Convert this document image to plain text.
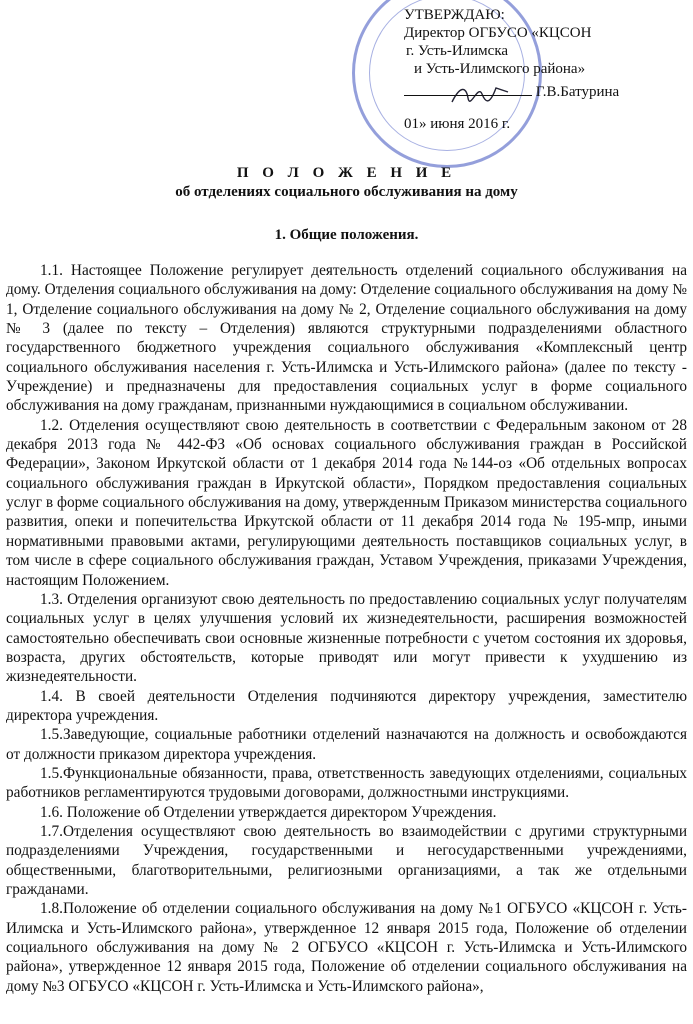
УТВЕРЖДАЮ:
Директор ОГБУСО «КЦСОН
г. Усть-Илимска
и Усть-Илимского района»
Г.В.Батурина
01» июня 2016 г.
П О Л О Ж Е Н И Е
об отделениях социального обслуживания на дому
1. Общие положения.

1.1. Настоящее Положение регулирует деятельность отделений социального обслуживания на дому. Отделения социального обслуживания на дому: Отделение социального обслуживания на дому № 1, Отделение социального обслуживания на дому № 2, Отделение социального обслуживания на дому № 3 (далее по тексту – Отделения) являются структурными подразделениями областного государственного бюджетного учреждения социального обслуживания «Комплексный центр социального обслуживания населения г. Усть-Илимска и Усть-Илимского района» (далее по тексту - Учреждение) и предназначены для предоставления социальных услуг в форме социального обслуживания на дому гражданам, признанными нуждающимися в социальном обслуживании.

1.2. Отделения осуществляют свою деятельность в соответствии с Федеральным законом от 28 декабря 2013 года № 442-ФЗ «Об основах социального обслуживания граждан в Российской Федерации», Законом Иркутской области от 1 декабря 2014 года №144-оз «Об отдельных вопросах социального обслуживания граждан в Иркутской области», Порядком предоставления социальных услуг в форме социального обслуживания на дому, утвержденным Приказом министерства социального развития, опеки и попечительства Иркутской области от 11 декабря 2014 года № 195-мпр, иными нормативными правовыми актами, регулирующими деятельность поставщиков социальных услуг, в том числе в сфере социального обслуживания граждан, Уставом Учреждения, приказами Учреждения, настоящим Положением.

1.3. Отделения организуют свою деятельность по предоставлению социальных услуг получателям социальных услуг в целях улучшения условий их жизнедеятельности, расширения возможностей самостоятельно обеспечивать свои основные жизненные потребности с учетом состояния их здоровья, возраста, других обстоятельств, которые приводят или могут привести к ухудшению из жизнедеятельности.

1.4. В своей деятельности Отделения подчиняются директору учреждения, заместителю директора учреждения.

1.5.Заведующие, социальные работники отделений назначаются на должность и освобождаются от должности приказом директора учреждения.

1.5.Функциональные обязанности, права, ответственность заведующих отделениями, социальных работников регламентируются трудовыми договорами, должностными инструкциями.

1.6. Положение об Отделении утверждается директором Учреждения.

1.7.Отделения осуществляют свою деятельность во взаимодействии с другими структурными подразделениями Учреждения, государственными и негосударственными учреждениями, общественными, благотворительными, религиозными организациями, а так же отдельными гражданами.

1.8.Положение об отделении социального обслуживания на дому №1 ОГБУСО «КЦСОН г. Усть-Илимска и Усть-Илимского района», утвержденное 12 января 2015 года, Положение об отделении социального обслуживания на дому № 2 ОГБУСО «КЦСОН г. Усть-Илимска и Усть-Илимского района», утвержденное 12 января 2015 года, Положение об отделении социального обслуживания на дому №3 ОГБУСО «КЦСОН г. Усть-Илимска и Усть-Илимского района»,
